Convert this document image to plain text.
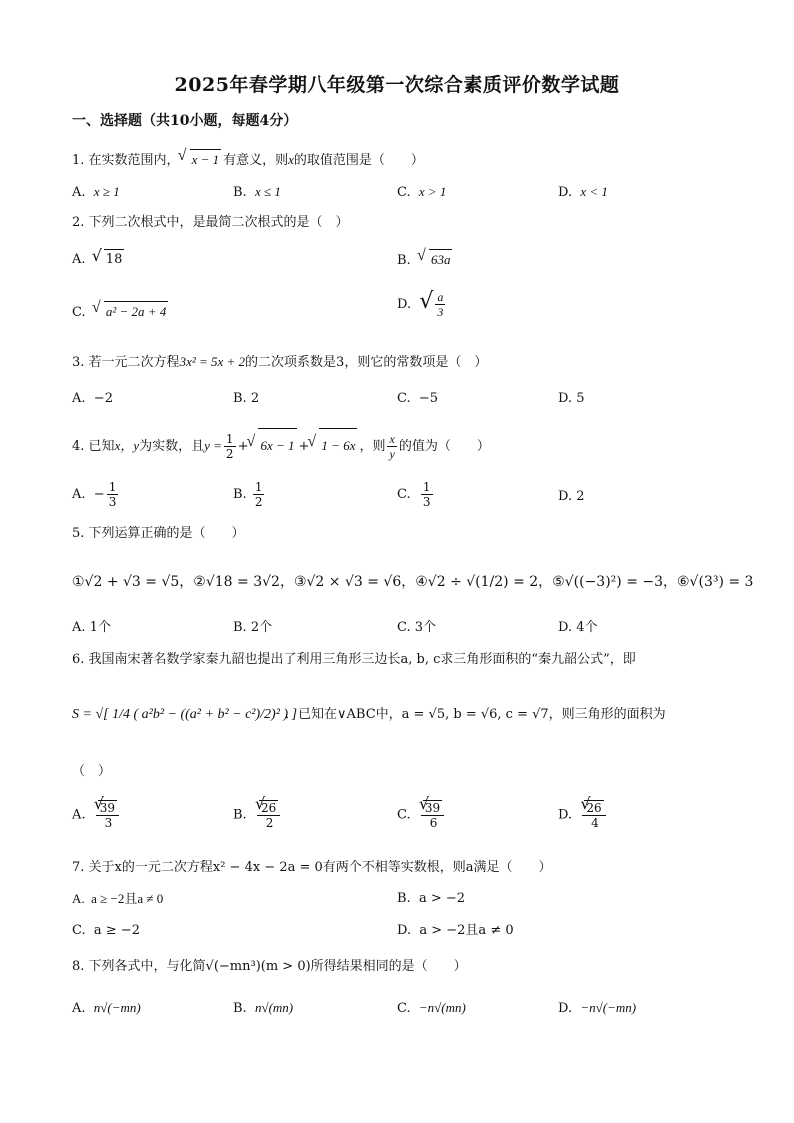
2025年春学期八年级第一次综合素质评价数学试题
一、选择题（共10小题，每题4分）
1. 在实数范围内， √ x − 1 有意义，则x的取值范围是（　　）
A. x ≥ 1	B. x ≤ 1	C. x > 1	D. x < 1
2. 下列二次根式中，是最简二次根式的是（　）
A. √ 18	B. √ 63a
C. √ a² − 2a + 4	D. √ $\frac{a}{3}$
3. 若一元二次方程3x² = 5x + 2的二次项系数是3，则它的常数项是（　）
A. −2	B. 2	C. −5	D. 5
4. 已知x，y为实数，且$y = \frac{1}{2}$ + √ 6x − 1 + √ 1 − 6x ，则 $\frac{x}{y}$ 的值为（　　）
A. − $\frac{1}{3}$	B. $\frac{1}{2}$	C. $\frac{1}{3}$	D. 2
5. 下列运算正确的是（　　）
①√2 + √3 = √5，②√18 = 3√2，③√2 × √3 = √6，④√2 ÷ √(1/2) = 2，⑤√((−3)²) = −3，⑥√(3³) = 3
A. 1个	B. 2个	C. 3个	D. 4个
6. 我国南宋著名数学家秦九韶也提出了利用三角形三边长a, b, c求三角形面积的“秦九韶公式”，即
S = √[ 1/4 ( a²b² − ((a² + b² − c²)/2)² ) ]
．已知在∨ABC中，a = √5, b = √6, c = √7，则三角形的面积为
（　）
A. √ $\frac{39}{3}$	B. √ $\frac{26}{2}$	C. √ $\frac{39}{6}$	D. √ $\frac{26}{4}$
7. 关于x的一元二次方程x² − 4x − 2a = 0有两个不相等实数根，则a满足（　　）
A. a ≥ −2且a ≠ 0	B. a > −2
C. a ≥ −2	D. a > −2且a ≠ 0
8. 下列各式中，与化简√(−mn³)(m > 0)所得结果相同的是（　　）
A. n√(−mn)	B. n√(mn)	C. −n√(mn)	D. −n√(−mn)
